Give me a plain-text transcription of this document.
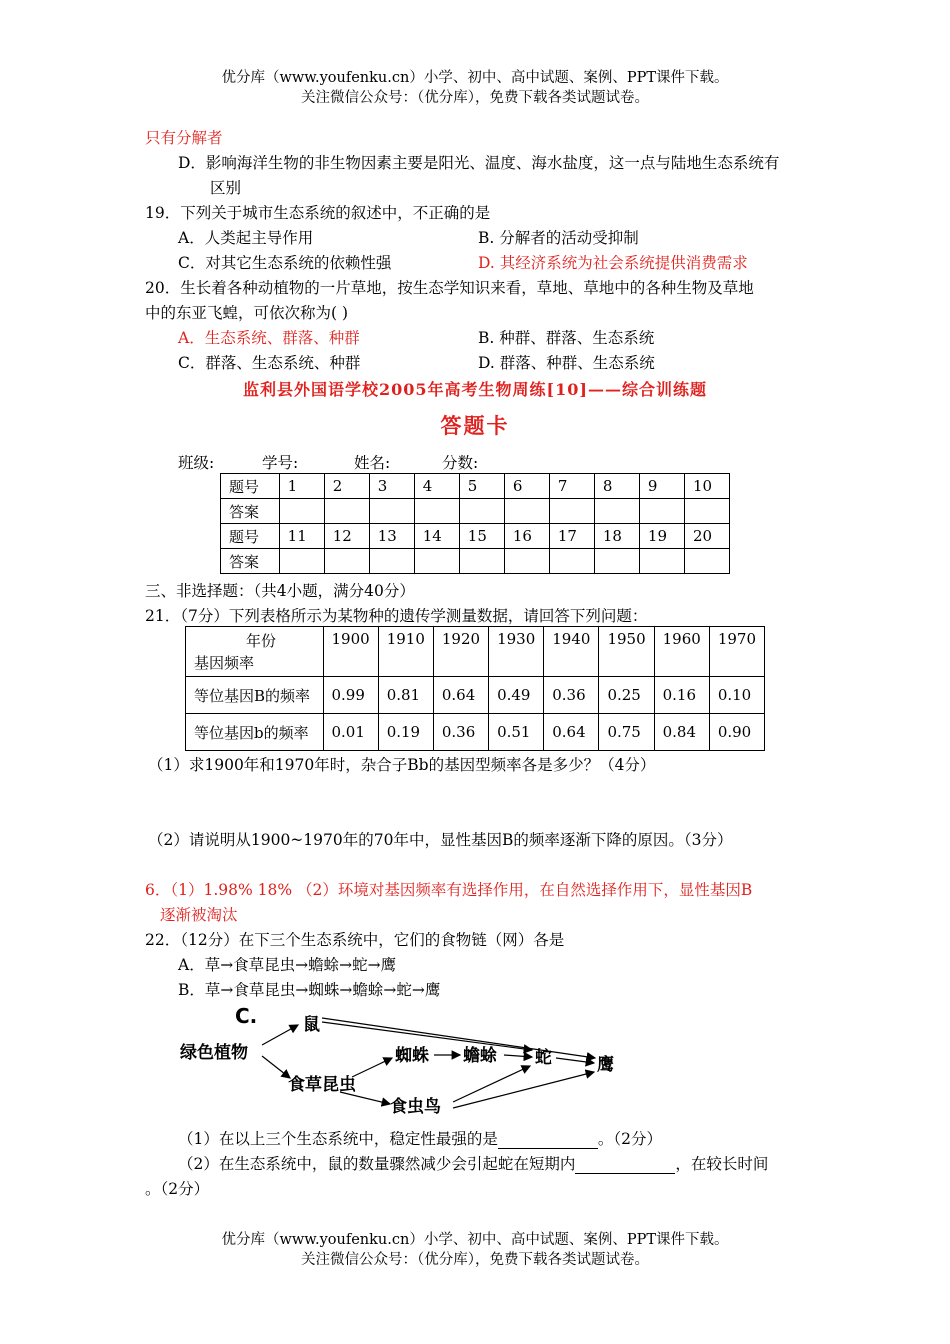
优分库（www.youfenku.cn）小学、初中、高中试题、案例、PPT课件下载。
关注微信公众号：（优分库），免费下载各类试题试卷。
只有分解者
D．影响海洋生物的非生物因素主要是阳光、温度、海水盐度，这一点与陆地生态系统有
区别
19．下列关于城市生态系统的叙述中，不正确的是
A．人类起主导作用	B. 分解者的活动受抑制
C．对其它生态系统的依赖性强	D. 其经济系统为社会系统提供消费需求
20．生长着各种动植物的一片草地，按生态学知识来看，草地、草地中的各种生物及草地
中的东亚飞蝗，可依次称为( )
A．生态系统、群落、种群	B. 种群、群落、生态系统
C．群落、生态系统、种群	D. 群落、种群、生态系统
监利县外国语学校2005年高考生物周练[10]——综合训练题
答题卡
班级:	学号:	姓名:	分数:
题号	1	2	3	4	5	6	7	8	9	10
答案										
题号	11	12	13	14	15	16	17	18	19	20
答案										
三、非选择题：（共4小题，满分40分）
21．（7分）下列表格所示为某物种的遗传学测量数据，请回答下列问题：
年份
基因频率	1900	1910	1920	1930	1940	1950	1960	1970
等位基因B的频率	0.99	0.81	0.64	0.49	0.36	0.25	0.16	0.10
等位基因b的频率	0.01	0.19	0.36	0.51	0.64	0.75	0.84	0.90
（1）求1900年和1970年时，杂合子Bb的基因型频率各是多少？（4分）
（2）请说明从1900~1970年的70年中，显性基因B的频率逐渐下降的原因。（3分）
6．（1）1.98% 18% （2）环境对基因频率有选择作用，在自然选择作用下，显性基因B
逐渐被淘汰
22．（12分）在下三个生态系统中，它们的食物链（网）各是
A．草→食草昆虫→蟾蜍→蛇→鹰
B．草→食草昆虫→蜘蛛→蟾蜍→蛇→鹰
C.
绿色植物
鼠
食草昆虫
蜘蛛 蟾蜍 蛇	鹰
食虫鸟
（1）在以上三个生态系统中，稳定性最强的是	。（2分）
（2）在生态系统中，鼠的数量骤然减少会引起蛇在短期内	，在较长时间
。（2分）
优分库（www.youfenku.cn）小学、初中、高中试题、案例、PPT课件下载。
关注微信公众号：（优分库），免费下载各类试题试卷。
